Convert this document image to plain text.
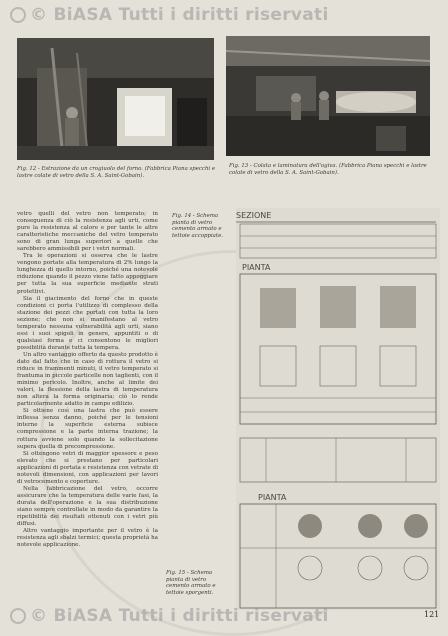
© BiASA Tutti i diritti riservati
Fig. 12 - Estrazione da un crogiuolo del forno. (Fabbrica Piana specchi e lastre colate di vetro della S. A. Saint-Gobain).
Fig. 13 - Colata e laminatura dell'ogiva. (Fabbrica Piana specchi e lastre colate di vetro della S. A. Saint-Gobain).

vetro quelli del vetro non temperato; in conseguenza di ciò la resistenza agli urti, come pure la resistenza al calore e per tante le altre caratteristiche meccaniche del vetro temperato sono di gran lunga superiori a quelle che sarebbero ammissibili per i vetri normali.

Tra le operazioni si osserva che le lastre vengono portate alla temperatura di 2% lungo la lunghezza di quello intorno, poiché una notevole riduzione quando il pezzo viene fatto appoggiare per tutta la sua superficie mediante strati protettivi.

Sia il giacimento del forno che in queste condizioni ci porta l'utilizzo di complesso della stazione dei pezzi che portati con tutta la loro sezione; che non si manifestano al vetro temperato nessuna vulnerabilità agli urti, siano essi i suoi spigoli in genere, appuntiti o di qualsiasi forma e ci consentono le migliori possibilità durante tutta la tempera.

Un altro vantaggio offerto da questo prodotto è dato dal fatto che in caso di rottura il vetro si riduce in frammenti minuti, il vetro temperato si frantuma in piccole particelle non taglienti, con il minimo pericolo. Inoltre, anche al limite dei valori, la flessione della lastra di temperatura non altera la forma originaria; ciò lo rende particolarmente adatto in campo edilizio.

Si ottiene così una lastra che può essere inflessa senza danno, poiché per le tensioni interne la superficie esterna subisce compressione e la parte interna trazione; la rottura avviene solo quando la sollecitazione supera quella di precompressione.

Si ottengono vetri di maggior spessore e peso elevato che si prestano per particolari applicazioni di portata e resistenza con vetrate di notevoli dimensioni, con applicazioni per lavori di vetrocemento e coperture.

Nella fabbricazione del vetro, occorre assicurare che la temperatura delle varie fasi, la durata dell'operazione e la sua distribuzione siano sempre controllate in modo da garantire la ripetibilità dei risultati ottenuti con i vetri più diffusi.

Altro vantaggio importante per il vetro è la resistenza agli sbalzi termici; questa proprietà ha notevole applicazione.

Fig. 14 - Schema pianta di vetro cemento armato e tettoie accoppiate.
Fig. 15 - Schema pianta di vetro cemento armato e tettoie sporgenti.
SEZIONE
PIANTA
PIANTA
121
© BiASA Tutti i diritti riservati
